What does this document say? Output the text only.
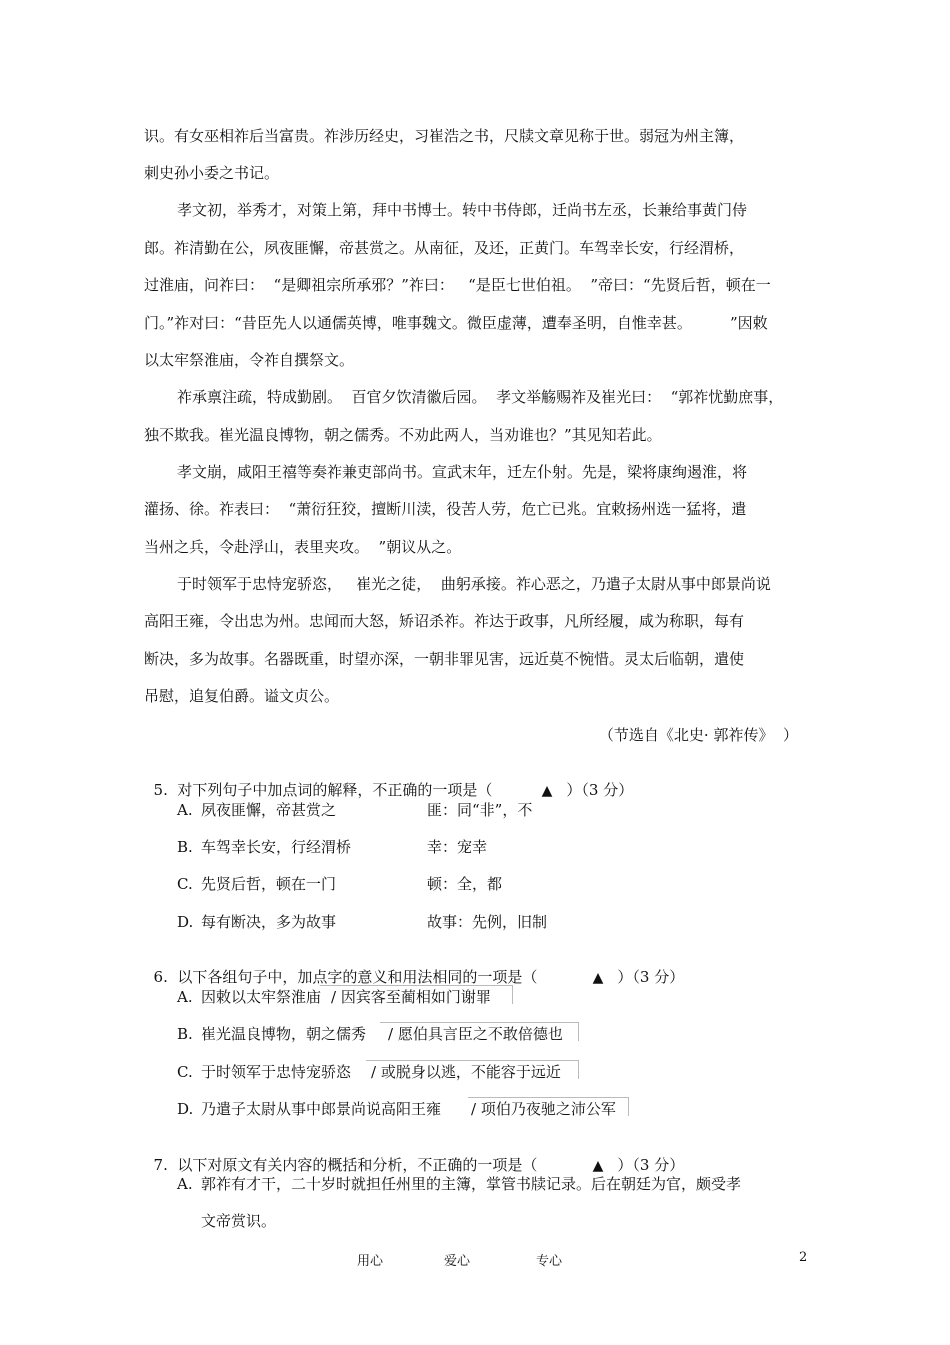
识。有女巫相祚后当富贵。祚涉历经史，习崔浩之书，尺牍文章见称于世。弱冠为州主簿，
刺史孙小委之书记。
孝文初，举秀才，对策上第，拜中书博士。转中书侍郎，迁尚书左丞，长兼给事黄门侍
郎。祚清勤在公，夙夜匪懈，帝甚赏之。从南征，及还，正黄门。车驾幸长安，行经渭桥，
过淮庙，问祚曰：  “是卿祖宗所承邪？”祚曰：   “是臣七世伯祖。  ”帝曰：“先贤后哲，顿在一
门。”祚对曰：“昔臣先人以通儒英博，唯事魏文。微臣虚薄，遭奉圣明，自惟幸甚。        ”因敕
以太牢祭淮庙，令祚自撰祭文。
祚承禀注疏，特成勤剧。  百官夕饮清徽后园。  孝文举觞赐祚及崔光曰：  “郭祚忧勤庶事，
独不欺我。崔光温良博物，朝之儒秀。不劝此两人，当劝谁也？”其见知若此。
孝文崩，咸阳王禧等奏祚兼吏部尚书。宣武末年，迁左仆射。先是，梁将康绚遏淮，将
灌扬、徐。祚表曰：  “萧衍狂狡，擅断川渎，役苦人劳，危亡已兆。宜敕扬州选一猛将，遣
当州之兵，令赴浮山，表里夹攻。  ”朝议从之。
于时领军于忠恃宠骄恣，   崔光之徒，  曲躬承接。祚心恶之，乃遣子太尉从事中郎景尚说
高阳王雍，令出忠为州。忠闻而大怒，矫诏杀祚。祚达于政事，凡所经履，咸为称职，每有
断决，多为故事。名器既重，时望亦深，一朝非罪见害，远近莫不惋惜。灵太后临朝，遣使
吊慰，追复伯爵。谥文贞公。
（节选自《北史· 郭祚传》  ）

5.  对下列句子中加点词的解释，不正确的一项是（	▲ ）（3 分）

A. 夙夜匪懈，帝甚赏之	匪：同“非”，不
B. 车驾幸长安，行经渭桥	幸：宠幸
C. 先贤后哲，顿在一门	顿：全，都
D. 每有断决，多为故事	故事：先例，旧制

6.  以下各组句子中，加点字的意义和用法相同的一项是（	▲ ）（3 分）

A. 因敕以太牢祭淮庙 / 因宾客至蔺相如门谢罪
B. 崔光温良博物，朝之儒秀 / 愿伯具言臣之不敢倍德也
C. 于时领军于忠恃宠骄恣 / 或脱身以逃，不能容于远近
D. 乃遣子太尉从事中郎景尚说高阳王雍 / 项伯乃夜驰之沛公军

7.  以下对原文有关内容的概括和分析，不正确的一项是（	▲ ）（3 分）

A. 郭祚有才干，二十岁时就担任州里的主簿，掌管书牍记录。后在朝廷为官，颇受孝
文帝赏识。
用心	爱心	专心	2
